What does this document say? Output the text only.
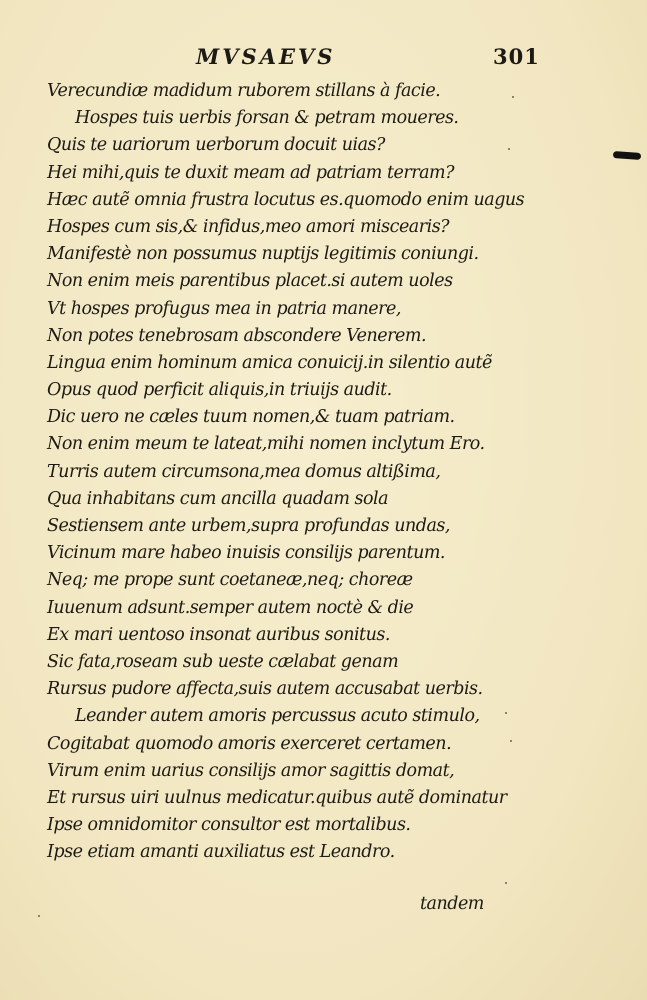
MVSAEVS	301
Verecundiæ madidum ruborem stillans à facie.
Hospes tuis uerbis forsan & petram moueres.
Quis te uariorum uerborum docuit uias?
Hei mihi,quis te duxit meam ad patriam terram?
Hæc autẽ omnia frustra locutus es.quomodo enim uagus
Hospes cum sis,& infidus,meo amori miscearis?
Manifestè non possumus nuptijs legitimis coniungi.
Non enim meis parentibus placet.si autem uoles
Vt hospes profugus mea in patria manere,
Non potes tenebrosam abscondere Venerem.
Lingua enim hominum amica conuicij.in silentio autẽ
Opus quod perficit aliquis,in triuijs audit.
Dic uero ne cæles tuum nomen,& tuam patriam.
Non enim meum te lateat,mihi nomen inclytum Ero.
Turris autem circumsona,mea domus altißima,
Qua inhabitans cum ancilla quadam sola
Sestiensem ante urbem,supra profundas undas,
Vicinum mare habeo inuisis consilijs parentum.
Neq; me prope sunt coetaneæ,neq; choreæ
Iuuenum adsunt.semper autem noctè & die
Ex mari uentoso insonat auribus sonitus.
Sic fata,roseam sub ueste cælabat genam
Rursus pudore affecta,suis autem accusabat uerbis.
Leander autem amoris percussus acuto stimulo,
Cogitabat quomodo amoris exerceret certamen.
Virum enim uarius consilijs amor sagittis domat,
Et rursus uiri uulnus medicatur.quibus autẽ dominatur
Ipse omnidomitor consultor est mortalibus.
Ipse etiam amanti auxiliatus est Leandro.
tandem
